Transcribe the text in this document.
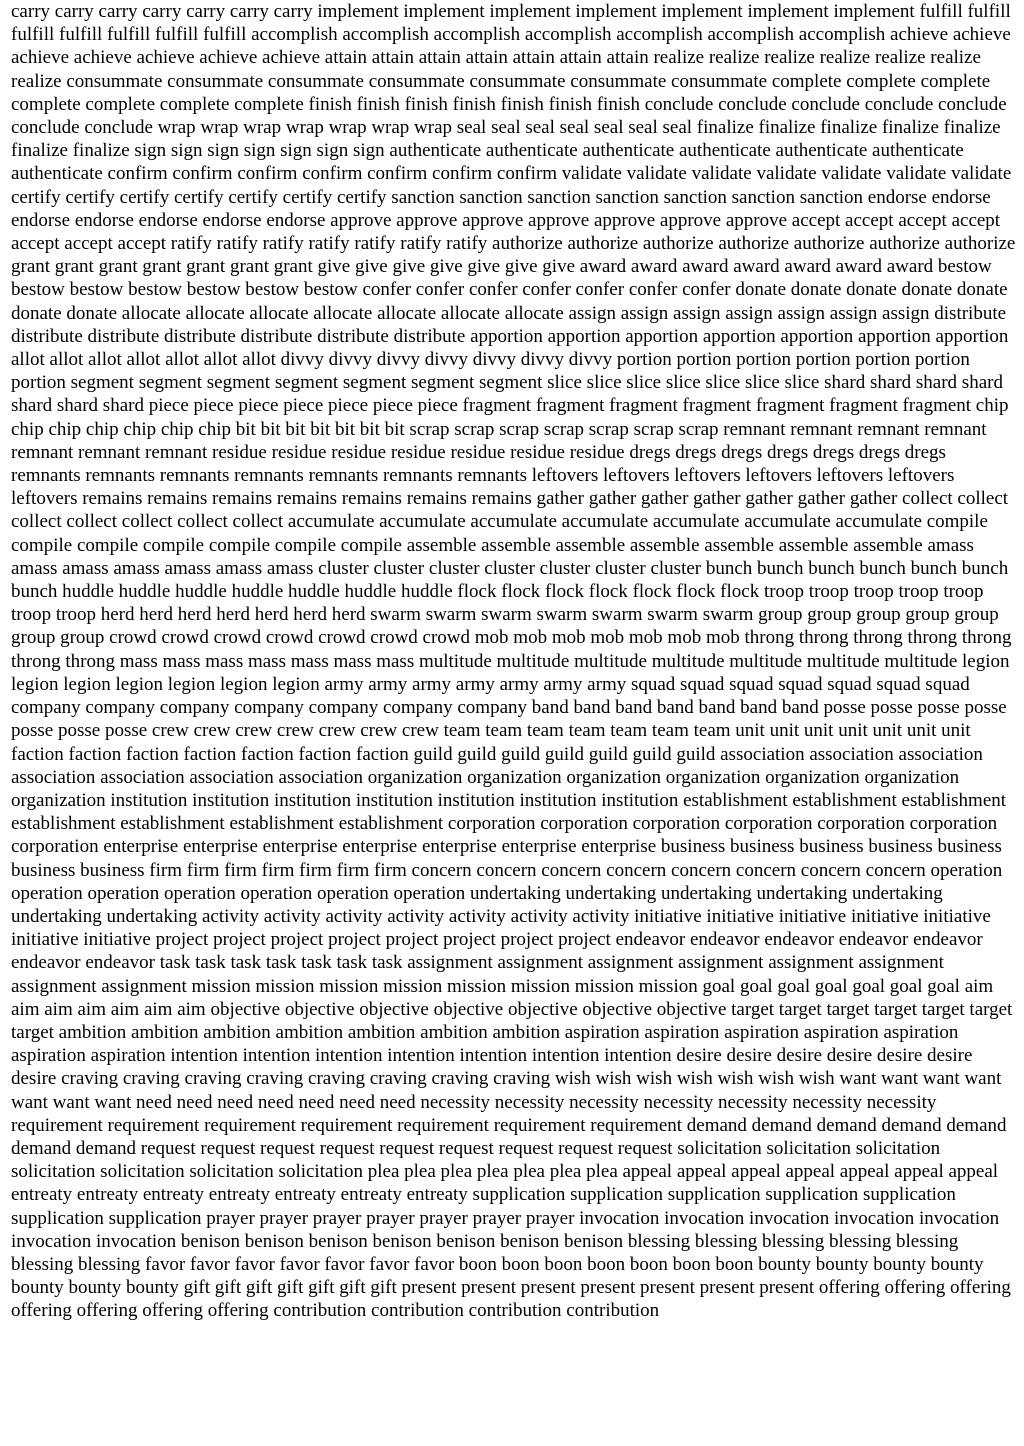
carry carry carry carry carry carry carry implement implement implement implement implement implement implement fulfill fulfill fulfill fulfill fulfill fulfill fulfill accomplish accomplish accomplish accomplish accomplish accomplish accomplish achieve achieve achieve achieve achieve achieve achieve attain attain attain attain attain attain attain realize realize realize realize realize realize realize consummate consummate consummate consummate consummate consummate consummate complete complete complete complete complete complete complete finish finish finish finish finish finish finish conclude conclude conclude conclude conclude conclude conclude wrap wrap wrap wrap wrap wrap wrap seal seal seal seal seal seal seal finalize finalize finalize finalize finalize finalize finalize sign sign sign sign sign sign sign authenticate authenticate authenticate authenticate authenticate authenticate authenticate confirm confirm confirm confirm confirm confirm confirm validate validate validate validate validate validate validate certify certify certify certify certify certify certify sanction sanction sanction sanction sanction sanction sanction endorse endorse endorse endorse endorse endorse endorse approve approve approve approve approve approve approve accept accept accept accept accept accept accept ratify ratify ratify ratify ratify ratify ratify authorize authorize authorize authorize authorize authorize authorize grant grant grant grant grant grant grant give give give give give give give award award award award award award award bestow bestow bestow bestow bestow bestow bestow confer confer confer confer confer confer confer donate donate donate donate donate donate donate allocate allocate allocate allocate allocate allocate allocate assign assign assign assign assign assign assign distribute distribute distribute distribute distribute distribute distribute apportion apportion apportion apportion apportion apportion apportion allot allot allot allot allot allot allot divvy divvy divvy divvy divvy divvy divvy portion portion portion portion portion portion portion segment segment segment segment segment segment segment slice slice slice slice slice slice slice shard shard shard shard shard shard shard piece piece piece piece piece piece piece fragment fragment fragment fragment fragment fragment fragment chip chip chip chip chip chip chip bit bit bit bit bit bit bit scrap scrap scrap scrap scrap scrap scrap remnant remnant remnant remnant remnant remnant remnant residue residue residue residue residue residue residue dregs dregs dregs dregs dregs dregs dregs remnants remnants remnants remnants remnants remnants remnants leftovers leftovers leftovers leftovers leftovers leftovers leftovers remains remains remains remains remains remains remains gather gather gather gather gather gather gather collect collect collect collect collect collect collect accumulate accumulate accumulate accumulate accumulate accumulate accumulate compile compile compile compile compile compile compile assemble assemble assemble assemble assemble assemble assemble amass amass amass amass amass amass amass cluster cluster cluster cluster cluster cluster cluster bunch bunch bunch bunch bunch bunch bunch huddle huddle huddle huddle huddle huddle huddle flock flock flock flock flock flock flock troop troop troop troop troop troop troop herd herd herd herd herd herd herd swarm swarm swarm swarm swarm swarm swarm group group group group group group group crowd crowd crowd crowd crowd crowd crowd mob mob mob mob mob mob mob throng throng throng throng throng throng throng mass mass mass mass mass mass mass multitude multitude multitude multitude multitude multitude multitude legion legion legion legion legion legion legion army army army army army army army squad squad squad squad squad squad squad company company company company company company company band band band band band band band posse posse posse posse posse posse posse crew crew crew crew crew crew crew team team team team team team team unit unit unit unit unit unit unit faction faction faction faction faction faction faction guild guild guild guild guild guild guild association association association association association association association organization organization organization organization organization organization organization institution institution institution institution institution institution institution establishment establishment establishment establishment establishment establishment establishment corporation corporation corporation corporation corporation corporation corporation enterprise enterprise enterprise enterprise enterprise enterprise enterprise business business business business business business business firm firm firm firm firm firm firm concern concern concern concern concern concern concern concern operation operation operation operation operation operation operation undertaking undertaking undertaking undertaking undertaking undertaking undertaking activity activity activity activity activity activity activity initiative initiative initiative initiative initiative initiative initiative project project project project project project project project endeavor endeavor endeavor endeavor endeavor endeavor endeavor task task task task task task task assignment assignment assignment assignment assignment assignment assignment assignment mission mission mission mission mission mission mission mission goal goal goal goal goal goal goal aim aim aim aim aim aim aim objective objective objective objective objective objective objective target target target target target target target ambition ambition ambition ambition ambition ambition ambition aspiration aspiration aspiration aspiration aspiration aspiration aspiration intention intention intention intention intention intention intention desire desire desire desire desire desire desire craving craving craving craving craving craving craving craving wish wish wish wish wish wish wish want want want want want want want need need need need need need need necessity necessity necessity necessity necessity necessity necessity requirement requirement requirement requirement requirement requirement requirement demand demand demand demand demand demand demand request request request request request request request request request solicitation solicitation solicitation solicitation solicitation solicitation solicitation plea plea plea plea plea plea plea appeal appeal appeal appeal appeal appeal appeal entreaty entreaty entreaty entreaty entreaty entreaty entreaty supplication supplication supplication supplication supplication supplication supplication prayer prayer prayer prayer prayer prayer prayer invocation invocation invocation invocation invocation invocation invocation benison benison benison benison benison benison benison blessing blessing blessing blessing blessing blessing blessing favor favor favor favor favor favor favor boon boon boon boon boon boon boon bounty bounty bounty bounty bounty bounty bounty gift gift gift gift gift gift gift present present present present present present present offering offering offering offering offering offering offering contribution contribution contribution contribution
